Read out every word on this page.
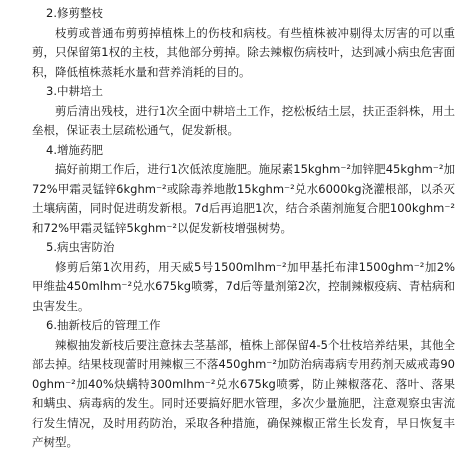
2.修剪整枝

枝剪或普通布剪剪掉植株上的伤枝和病枝。有些植株被冲剔得太厉害的可以重剪，只保留第1权的主枝，其他部分剪掉。除去辣椒伤病枝叶，达到减小病虫危害面积，降低植株蒸耗水量和营养消耗的目的。

3.中耕培土

剪后清出残枝，进行1次全面中耕培土工作，挖松板结土层，扶正歪斜株，用土垒根，保证表土层疏松通气，促发新根。

4.增施药肥

搞好前期工作后，进行1次低浓度施肥。施尿素15kghm⁻²加锌肥45kghm⁻²加72%甲霜灵锰锌6kghm⁻²或除毒养地散15kghm⁻²兑水6000kg浇灌根部，以杀灭土壤病菌，同时促进萌发新根。7d后再追肥1次，结合杀菌剂施复合肥100kghm⁻²和72%甲霜灵锰锌5kghm⁻²以促发新枝增强树势。

5.病虫害防治

修剪后第1次用药，用天威5号1500mlhm⁻²加甲基托布津1500ghm⁻²加2%甲维盐450mlhm⁻²兑水675kg喷雾，7d后等量剂第2次，控制辣椒疫病、青枯病和虫害发生。

6.抽新枝后的管理工作

辣椒抽发新枝后要注意抹去茎基部，植株上部保留4-5个壮枝培养结果，其他全部去掉。结果枝现蕾时用辣椒三不落450ghm⁻²加防治病毒病专用药剂天威戒毒900ghm⁻²加40%炔螨特300mlhm⁻²兑水675kg喷雾，防止辣椒落花、落叶、落果和螨虫、病毒病的发生。同时还要搞好肥水管理，多次少量施肥，注意观察虫害流行发生情况，及时用药防治，采取各种措施，确保辣椒正常生长发育，早日恢复丰产树型。
